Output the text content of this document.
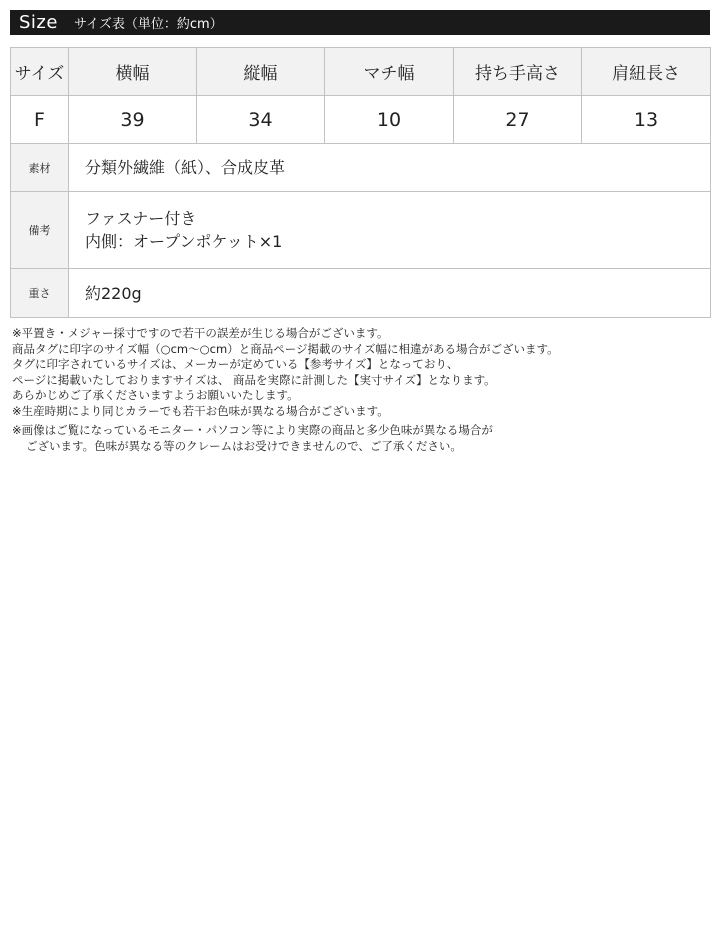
Size サイズ表（単位：約cm）
サイズ	横幅	縦幅	マチ幅	持ち手高さ	肩紐長さ
F	39	34	10	27	13
素材	分類外繊維（紙）、合成皮革
備考	ファスナー付き
内側：オープンポケット×1

重さ	約220g
※平置き・メジャー採寸ですので若干の誤差が生じる場合がございます。
商品タグに印字のサイズ幅（○cm～○cm）と商品ページ掲載のサイズ幅に相違がある場合がございます。
タグに印字されているサイズは、メーカーが定めている【参考サイズ】となっており、
ページに掲載いたしておりますサイズは、 商品を実際に計測した【実寸サイズ】となります。
あらかじめご了承くださいますようお願いいたします。
※生産時期により同じカラーでも若干お色味が異なる場合がございます。
※画像はご覧になっているモニター・パソコン等により実際の商品と多少色味が異なる場合が
ございます。色味が異なる等のクレームはお受けできませんので、ご了承ください。
